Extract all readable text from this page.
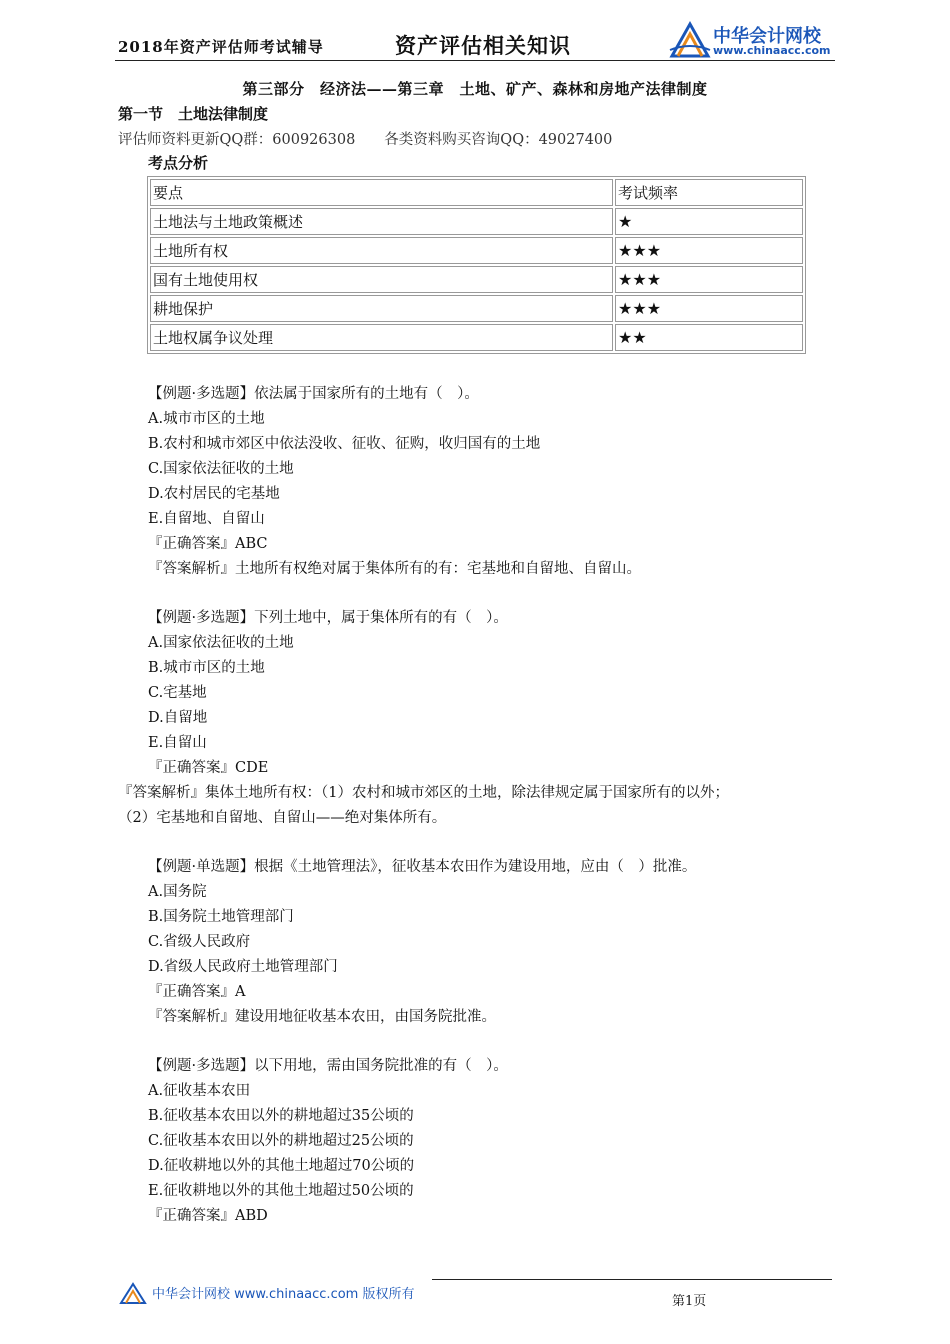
2018年资产评估师考试辅导	资产评估相关知识	中华会计网校
www.chinaacc.com
第三部分　经济法——第三章　土地、矿产、森林和房地产法律制度
第一节　土地法律制度
评估师资料更新QQ群：600926308　　各类资料购买咨询QQ：49027400
考点分析
要点	考试频率
土地法与土地政策概述	★
土地所有权	★★★
国有土地使用权	★★★
耕地保护	★★★
土地权属争议处理	★★
【例题·多选题】依法属于国家所有的土地有（　）。
A.城市市区的土地
B.农村和城市郊区中依法没收、征收、征购，收归国有的土地
C.国家依法征收的土地
D.农村居民的宅基地
E.自留地、自留山
『正确答案』ABC
『答案解析』土地所有权绝对属于集体所有的有：宅基地和自留地、自留山。
【例题·多选题】下列土地中，属于集体所有的有（　）。
A.国家依法征收的土地
B.城市市区的土地
C.宅基地
D.自留地
E.自留山
『正确答案』CDE
『答案解析』集体土地所有权：（1）农村和城市郊区的土地，除法律规定属于国家所有的以外；
（2）宅基地和自留地、自留山——绝对集体所有。
【例题·单选题】根据《土地管理法》，征收基本农田作为建设用地，应由（　）批准。
A.国务院
B.国务院土地管理部门
C.省级人民政府
D.省级人民政府土地管理部门
『正确答案』A
『答案解析』建设用地征收基本农田，由国务院批准。
【例题·多选题】以下用地，需由国务院批准的有（　）。
A.征收基本农田
B.征收基本农田以外的耕地超过35公顷的
C.征收基本农田以外的耕地超过25公顷的
D.征收耕地以外的其他土地超过70公顷的
E.征收耕地以外的其他土地超过50公顷的
『正确答案』ABD
中华会计网校 www.chinaacc.com 版权所有	第1页
